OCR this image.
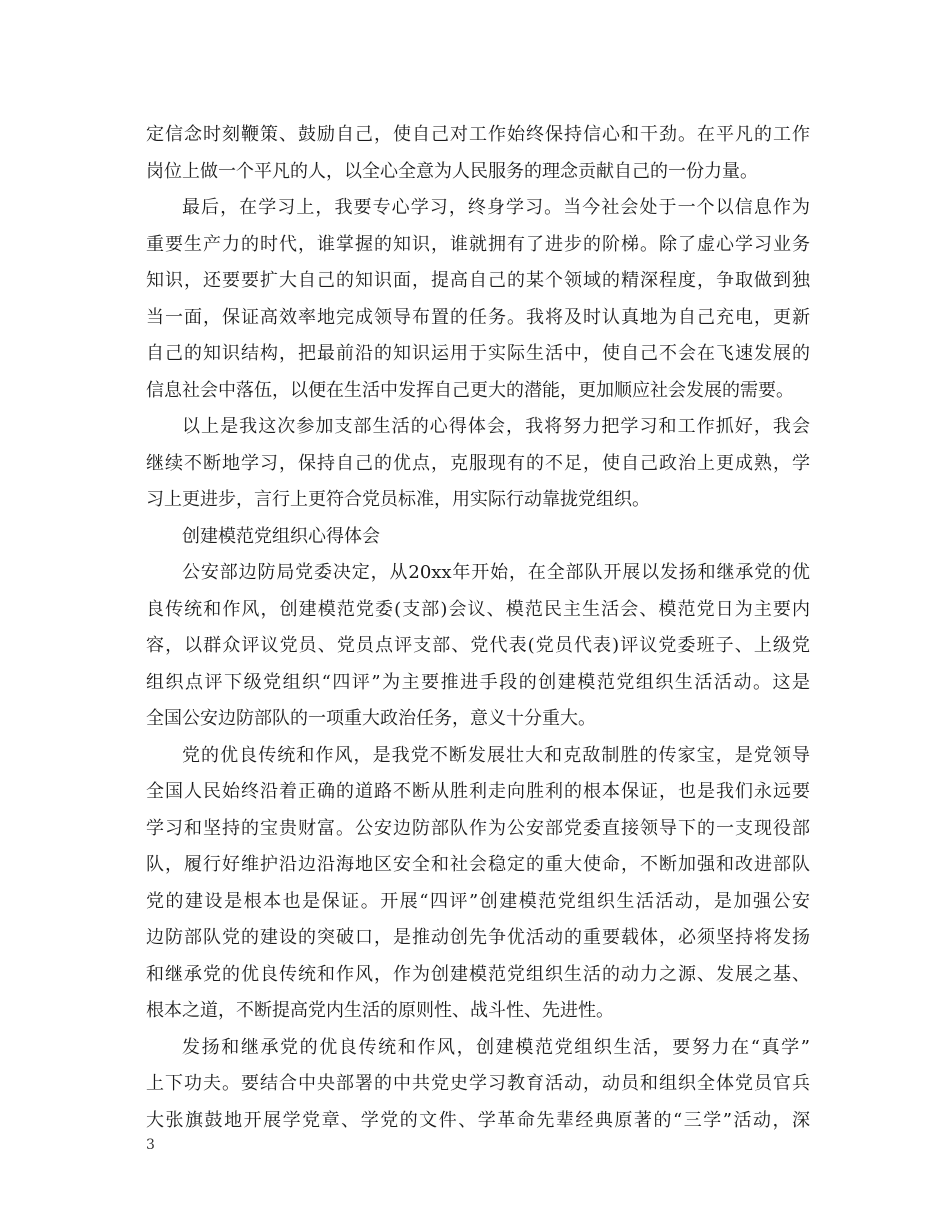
定信念时刻鞭策、鼓励自己，使自己对工作始终保持信心和干劲。在平凡的工作
岗位上做一个平凡的人，以全心全意为人民服务的理念贡献自己的一份力量。
最后，在学习上，我要专心学习，终身学习。当今社会处于一个以信息作为
重要生产力的时代，谁掌握的知识，谁就拥有了进步的阶梯。除了虚心学习业务
知识，还要要扩大自己的知识面，提高自己的某个领域的精深程度，争取做到独
当一面，保证高效率地完成领导布置的任务。我将及时认真地为自己充电，更新
自己的知识结构，把最前沿的知识运用于实际生活中，使自己不会在飞速发展的
信息社会中落伍，以便在生活中发挥自己更大的潜能，更加顺应社会发展的需要。
以上是我这次参加支部生活的心得体会，我将努力把学习和工作抓好，我会
继续不断地学习，保持自己的优点，克服现有的不足，使自己政治上更成熟，学
习上更进步，言行上更符合党员标准，用实际行动靠拢党组织。
创建模范党组织心得体会
公安部边防局党委决定，从20xx年开始，在全部队开展以发扬和继承党的优
良传统和作风，创建模范党委(支部)会议、模范民主生活会、模范党日为主要内
容，以群众评议党员、党员点评支部、党代表(党员代表)评议党委班子、上级党
组织点评下级党组织“四评”为主要推进手段的创建模范党组织生活活动。这是
全国公安边防部队的一项重大政治任务，意义十分重大。
党的优良传统和作风，是我党不断发展壮大和克敌制胜的传家宝，是党领导
全国人民始终沿着正确的道路不断从胜利走向胜利的根本保证，也是我们永远要
学习和坚持的宝贵财富。公安边防部队作为公安部党委直接领导下的一支现役部
队，履行好维护沿边沿海地区安全和社会稳定的重大使命，不断加强和改进部队
党的建设是根本也是保证。开展“四评”创建模范党组织生活活动，是加强公安
边防部队党的建设的突破口，是推动创先争优活动的重要载体，必须坚持将发扬
和继承党的优良传统和作风，作为创建模范党组织生活的动力之源、发展之基、
根本之道，不断提高党内生活的原则性、战斗性、先进性。
发扬和继承党的优良传统和作风，创建模范党组织生活，要努力在“真学”
上下功夫。要结合中央部署的中共党史学习教育活动，动员和组织全体党员官兵
大张旗鼓地开展学党章、学党的文件、学革命先辈经典原著的“三学”活动，深
3
